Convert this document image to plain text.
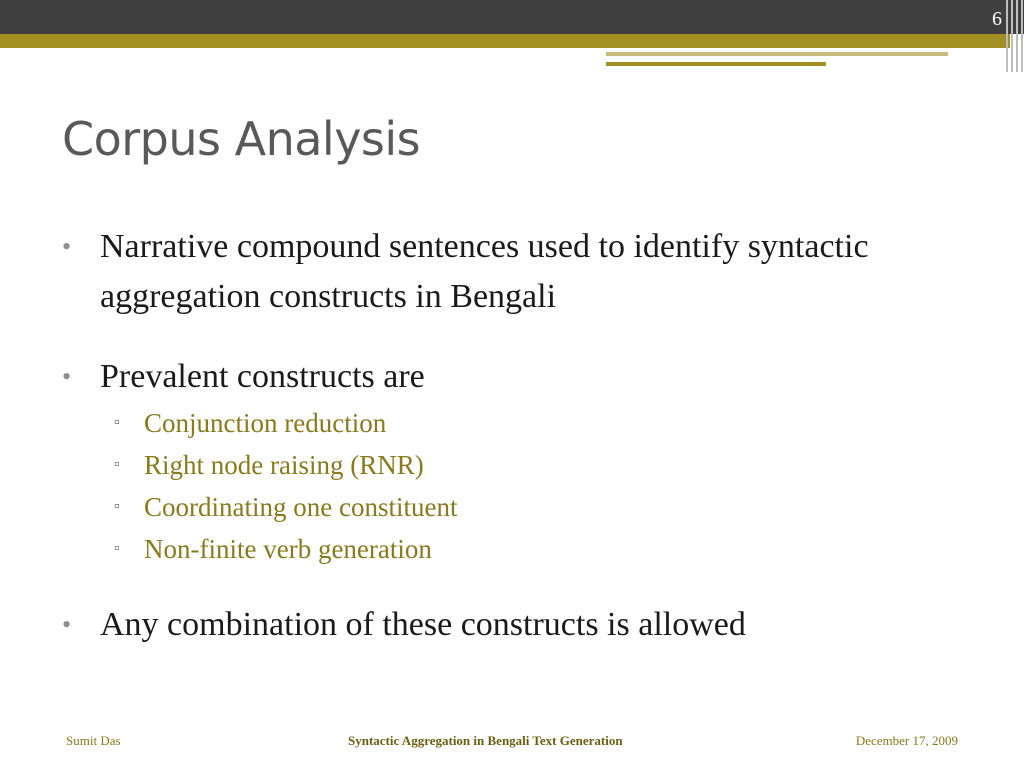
6
Corpus Analysis
• Narrative compound sentences used to identify syntactic aggregation constructs in Bengali
• Prevalent constructs are
▫ Conjunction reduction
▫ Right node raising (RNR)
▫ Coordinating one constituent
▫ Non-finite verb generation
• Any combination of these constructs is allowed
Sumit Das	Syntactic Aggregation in Bengali Text Generation	December 17, 2009
